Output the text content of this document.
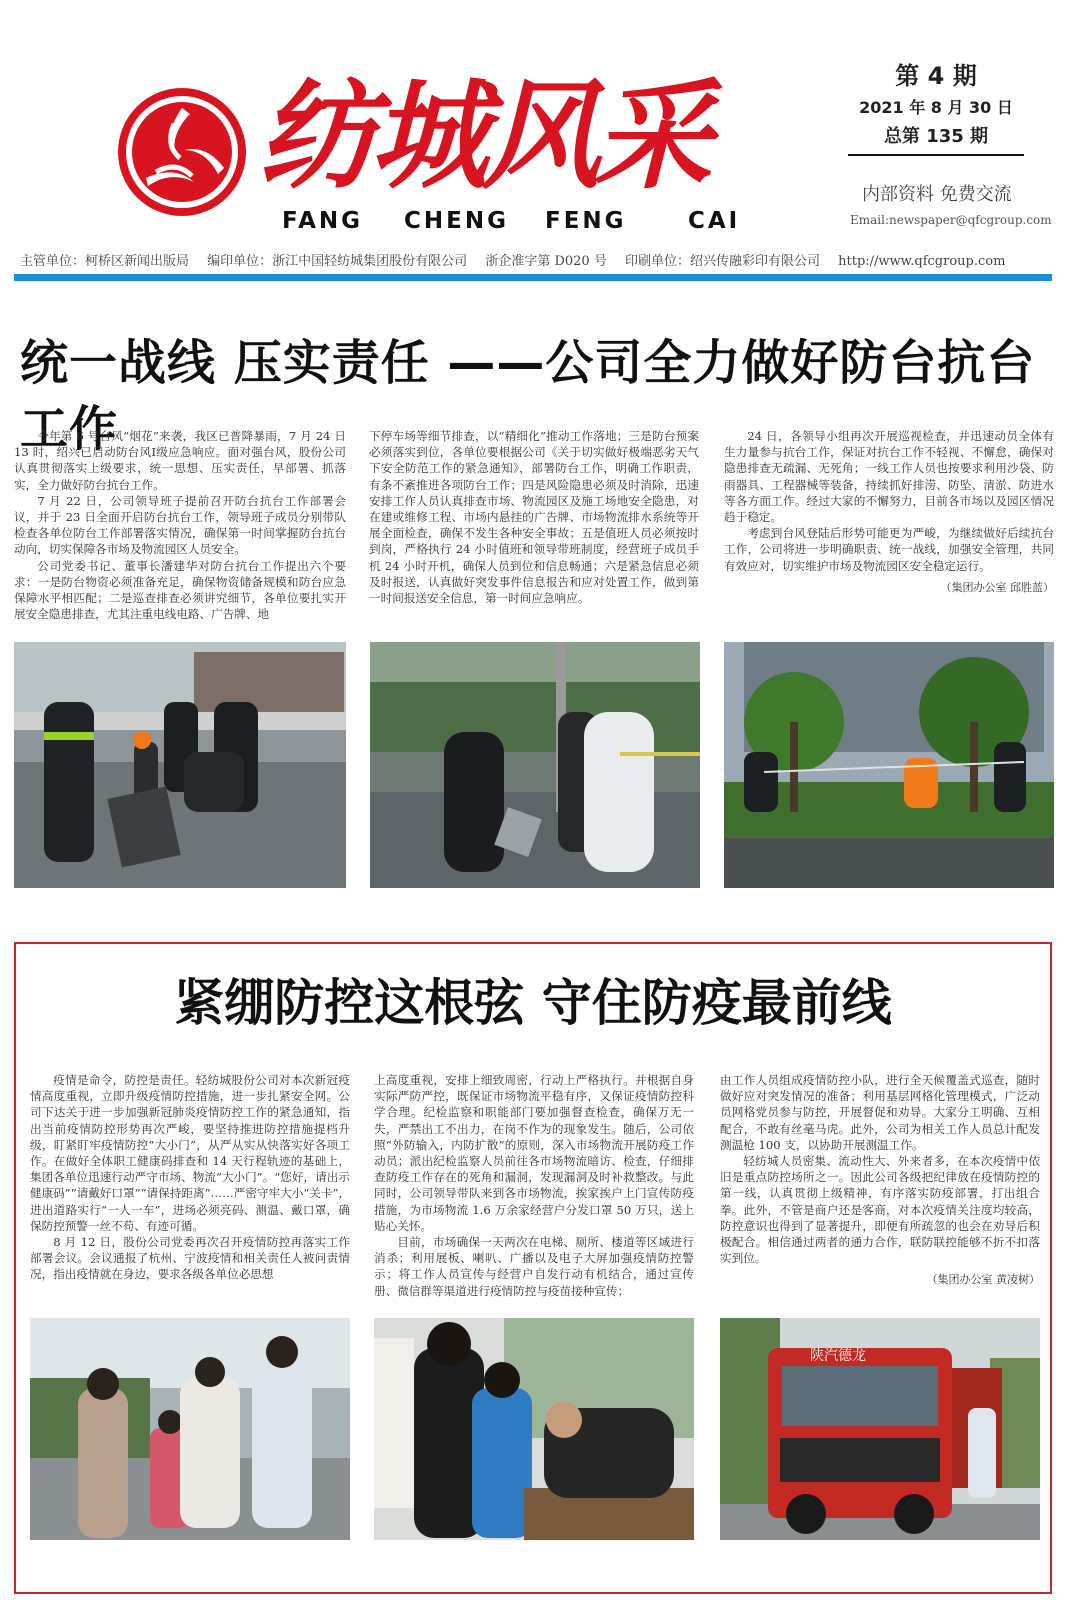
纺城风采
FANG CHENG FENG	CAI
第 4 期
2021 年 8 月 30 日
总第 135 期
内部资料 免费交流
Email:newspaper@qfcgroup.com
主管单位：柯桥区新闻出版局 编印单位：浙江中国轻纺城集团股份有限公司 浙企准字第 D020 号 印刷单位：绍兴传融彩印有限公司 http://www.qfcgroup.com
统一战线 压实责任 ——公司全力做好防台抗台工作

今年第 6 号台风“烟花”来袭，我区已普降暴雨，7 月 24 日 13 时，绍兴已启动防台风Ⅰ级应急响应。面对强台风，股份公司认真贯彻落实上级要求，统一思想、压实责任，早部署、抓落实，全力做好防台抗台工作。

7 月 22 日，公司领导班子提前召开防台抗台工作部署会议，并于 23 日全面开启防台抗台工作，领导班子成员分别带队检查各单位防台工作部署落实情况，确保第一时间掌握防台抗台动向，切实保障各市场及物流园区人员安全。

公司党委书记、董事长潘建华对防台抗台工作提出六个要求：一是防台物资必须准备充足，确保物资储备规模和防台应急保障水平相匹配；二是巡查排查必须讲究细节，各单位要扎实开展安全隐患排查，尤其注重电线电路、广告牌、地

下停车场等细节排查，以“精细化”推动工作落地；三是防台预案必须落实到位，各单位要根据公司《关于切实做好极端恶劣天气下安全防范工作的紧急通知》，部署防台工作，明确工作职责，有条不紊推进各项防台工作；四是风险隐患必须及时消除，迅速安排工作人员认真排查市场、物流园区及施工场地安全隐患，对在建或维修工程、市场内悬挂的广告牌、市场物流排水系统等开展全面检查，确保不发生各种安全事故；五是值班人员必须按时到岗，严格执行 24 小时值班和领导带班制度，经营班子成员手机 24 小时开机，确保人员到位和信息畅通；六是紧急信息必须及时报送，认真做好突发事件信息报告和应对处置工作，做到第一时间报送安全信息，第一时间应急响应。

24 日，各领导小组再次开展巡视检查，并迅速动员全体有生力量参与抗台工作，保证对抗台工作不轻视、不懈怠，确保对隐患排查无疏漏、无死角；一线工作人员也按要求利用沙袋、防雨器具、工程器械等装备，持续抓好排涝、防坠、清淤、防进水等各方面工作。经过大家的不懈努力，目前各市场以及园区情况趋于稳定。

考虑到台风登陆后形势可能更为严峻，为继续做好后续抗台工作，公司将进一步明确职责、统一战线，加强安全管理，共同有效应对，切实维护市场及物流园区安全稳定运行。

（集团办公室 邱胜蓝）
紧绷防控这根弦 守住防疫最前线

疫情是命令，防控是责任。轻纺城股份公司对本次新冠疫情高度重视，立即升级疫情防控措施，进一步扎紧安全网。公司下达关于进一步加强新冠肺炎疫情防控工作的紧急通知，指出当前疫情防控形势再次严峻，要坚持推进防控措施提档升级，盯紧盯牢疫情防控“大小门”，从严从实从快落实好各项工作。在做好全体职工健康码排查和 14 天行程轨迹的基础上，集团各单位迅速行动严守市场、物流“大小门”。“您好，请出示健康码”“请戴好口罩”“请保持距离”……严密守牢大小“关卡”，进出道路实行“一人一车”，进场必须亮码、测温、戴口罩，确保防控预警一丝不苟、有迹可循。

8 月 12 日，股份公司党委再次召开疫情防控再落实工作部署会议。会议通报了杭州、宁波疫情和相关责任人被问责情况，指出疫情就在身边，要求各级各单位必思想

上高度重视，安排上细致周密，行动上严格执行。并根据自身实际严防严控，既保证市场物流平稳有序，又保证疫情防控科学合理。纪检监察和职能部门要加强督查检查，确保万无一失，严禁出工不出力，在岗不作为的现象发生。随后，公司依照“外防输入，内防扩散”的原则，深入市场物流开展防疫工作动员；派出纪检监察人员前往各市场物流暗访、检查，仔细排查防疫工作存在的死角和漏洞，发现漏洞及时补救整改。与此同时，公司领导带队来到各市场物流，挨家挨户上门宣传防疫措施，为市场物流 1.6 万余家经营户分发口罩 50 万只，送上贴心关怀。

目前，市场确保一天两次在电梯、厕所、楼道等区域进行消杀；利用展板、喇叭、广播以及电子大屏加强疫情防控警示；将工作人员宣传与经营户自发行动有机结合，通过宣传册、微信群等渠道进行疫情防控与疫苗接种宣传；

由工作人员组成疫情防控小队，进行全天候覆盖式巡查，随时做好应对突发情况的准备；利用基层网格化管理模式，广泛动员网格党员参与防控，开展督促和劝导。大家分工明确、互相配合，不敢有丝毫马虎。此外，公司为相关工作人员总计配发测温枪 100 支，以协助开展测温工作。

轻纺城人员密集、流动性大、外来者多，在本次疫情中依旧是重点防控场所之一。因此公司各级把纪律放在疫情防控的第一线，认真贯彻上级精神，有序落实防疫部署，打出组合拳。此外，不管是商户还是客商，对本次疫情关注度均较高，防控意识也得到了显著提升，即便有所疏忽的也会在劝导后积极配合。相信通过两者的通力合作，联防联控能够不折不扣落实到位。

（集团办公室 黄凌树）
陕汽德龙
